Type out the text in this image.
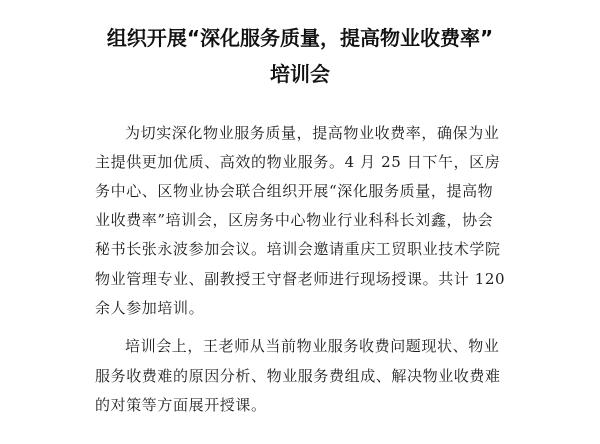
组织开展“深化服务质量，提高物业收费率”
培训会
为切实深化物业服务质量，提高物业收费率，确保为业
主提供更加优质、高效的物业服务。4 月 25 日下午，区房
务中心、区物业协会联合组织开展“深化服务质量，提高物
业收费率”培训会，区房务中心物业行业科科长刘鑫，协会
秘书长张永波参加会议。培训会邀请重庆工贸职业技术学院
物业管理专业、副教授王守督老师进行现场授课。共计 120
余人参加培训。
培训会上，王老师从当前物业服务收费问题现状、物业
服务收费难的原因分析、物业服务费组成、解决物业收费难
的对策等方面展开授课。
